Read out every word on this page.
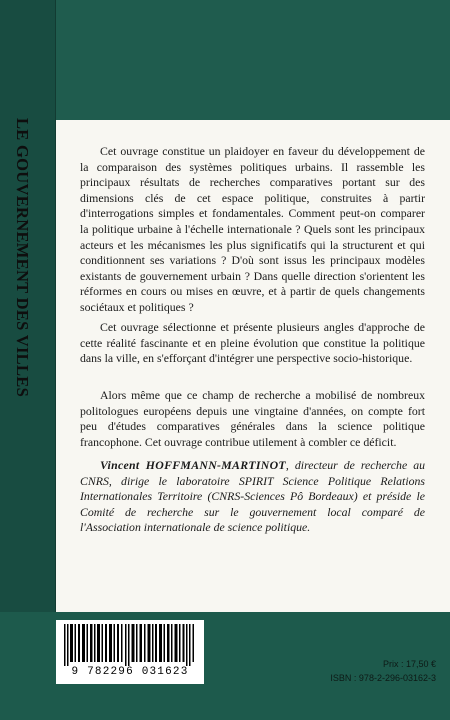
LE GOUVERNEMENT DES VILLES	Cet ouvrage constitue un plaidoyer en faveur du développement de la comparaison des systèmes politiques urbains. Il rassemble les principaux résultats de recherches comparatives portant sur des dimensions clés de cet espace politique, construites à partir d'interrogations simples et fondamentales. Comment peut-on comparer la politique urbaine à l'échelle internationale ? Quels sont les principaux acteurs et les mécanismes les plus significatifs qui la structurent et qui conditionnent ses variations ? D'où sont issus les principaux modèles existants de gouvernement urbain ? Dans quelle direction s'orientent les réformes en cours ou mises en œuvre, et à partir de quels changements sociétaux et politiques ?

Cet ouvrage sélectionne et présente plusieurs angles d'approche de cette réalité fascinante et en pleine évolution que constitue la politique dans la ville, en s'efforçant d'intégrer une perspective socio-historique.

Alors même que ce champ de recherche a mobilisé de nombreux politologues européens depuis une vingtaine d'années, on compte fort peu d'études comparatives générales dans la science politique francophone. Cet ouvrage contribue utilement à combler ce déficit.

Vincent HOFFMANN-MARTINOT, directeur de recherche au CNRS, dirige le laboratoire SPIRIT Science Politique Relations Internationales Territoire (CNRS-Sciences Pô Bordeaux) et préside le Comité de recherche sur le gouvernement local comparé de l'Association internationale de science politique.

9 782296 031623
Prix : 17,50 €
ISBN : 978-2-296-03162-3
